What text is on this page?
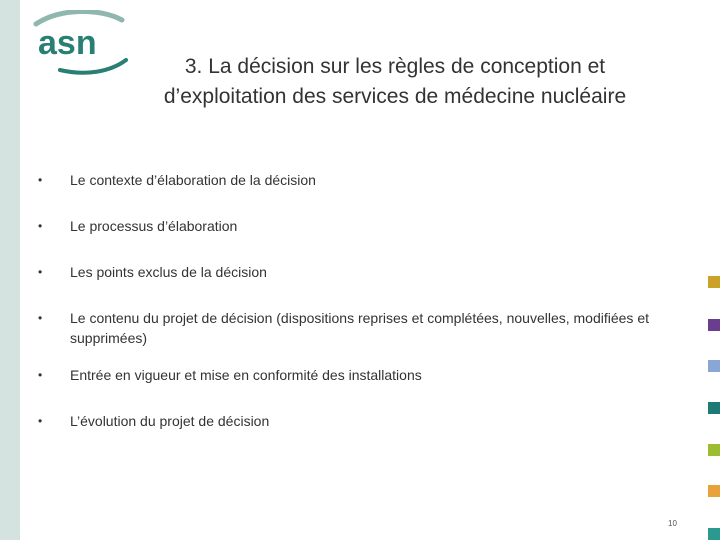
asn
3. La décision sur les règles de conception et
d’exploitation des services de médecine nucléaire
•	Le contexte d’élaboration de la décision
•	Le processus d’élaboration
•	Les points exclus de la décision
•	Le contenu du projet de décision (dispositions reprises et complétées, nouvelles, modifiées et supprimées)
•	Entrée en vigueur et mise en conformité des installations
•	L’évolution du projet de décision
10
